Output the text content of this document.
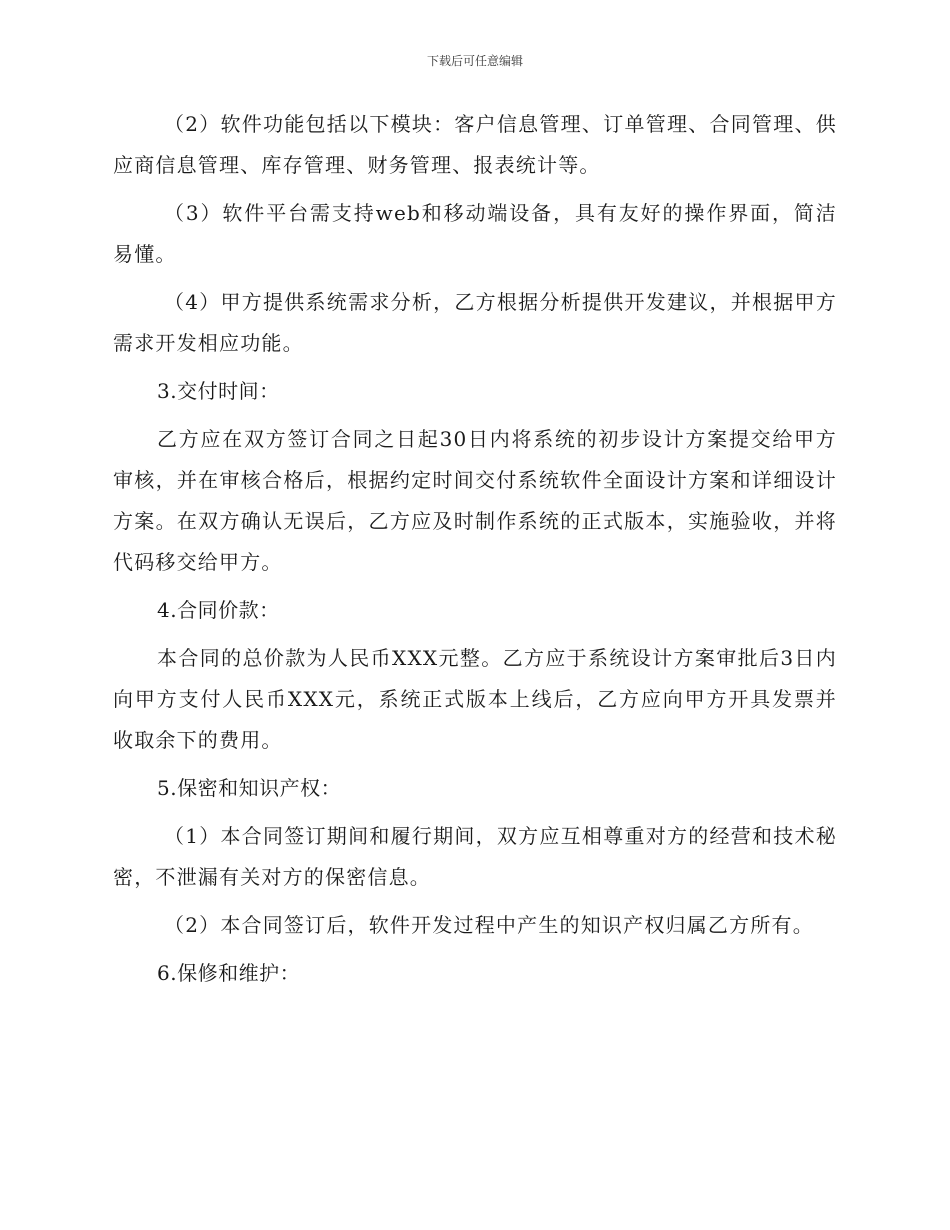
下载后可任意编辑

（2）软件功能包括以下模块：客户信息管理、订单管理、合同管理、供应商信息管理、库存管理、财务管理、报表统计等。

（3）软件平台需支持web和移动端设备，具有友好的操作界面，简洁易懂。

（4）甲方提供系统需求分析，乙方根据分析提供开发建议，并根据甲方需求开发相应功能。

3.交付时间：

乙方应在双方签订合同之日起30日内将系统的初步设计方案提交给甲方审核，并在审核合格后，根据约定时间交付系统软件全面设计方案和详细设计方案。在双方确认无误后，乙方应及时制作系统的正式版本，实施验收，并将代码移交给甲方。

4.合同价款：

本合同的总价款为人民币XXX元整。乙方应于系统设计方案审批后3日内向甲方支付人民币XXX元，系统正式版本上线后，乙方应向甲方开具发票并收取余下的费用。

5.保密和知识产权：

（1）本合同签订期间和履行期间，双方应互相尊重对方的经营和技术秘密，不泄漏有关对方的保密信息。

（2）本合同签订后，软件开发过程中产生的知识产权归属乙方所有。

6.保修和维护：
